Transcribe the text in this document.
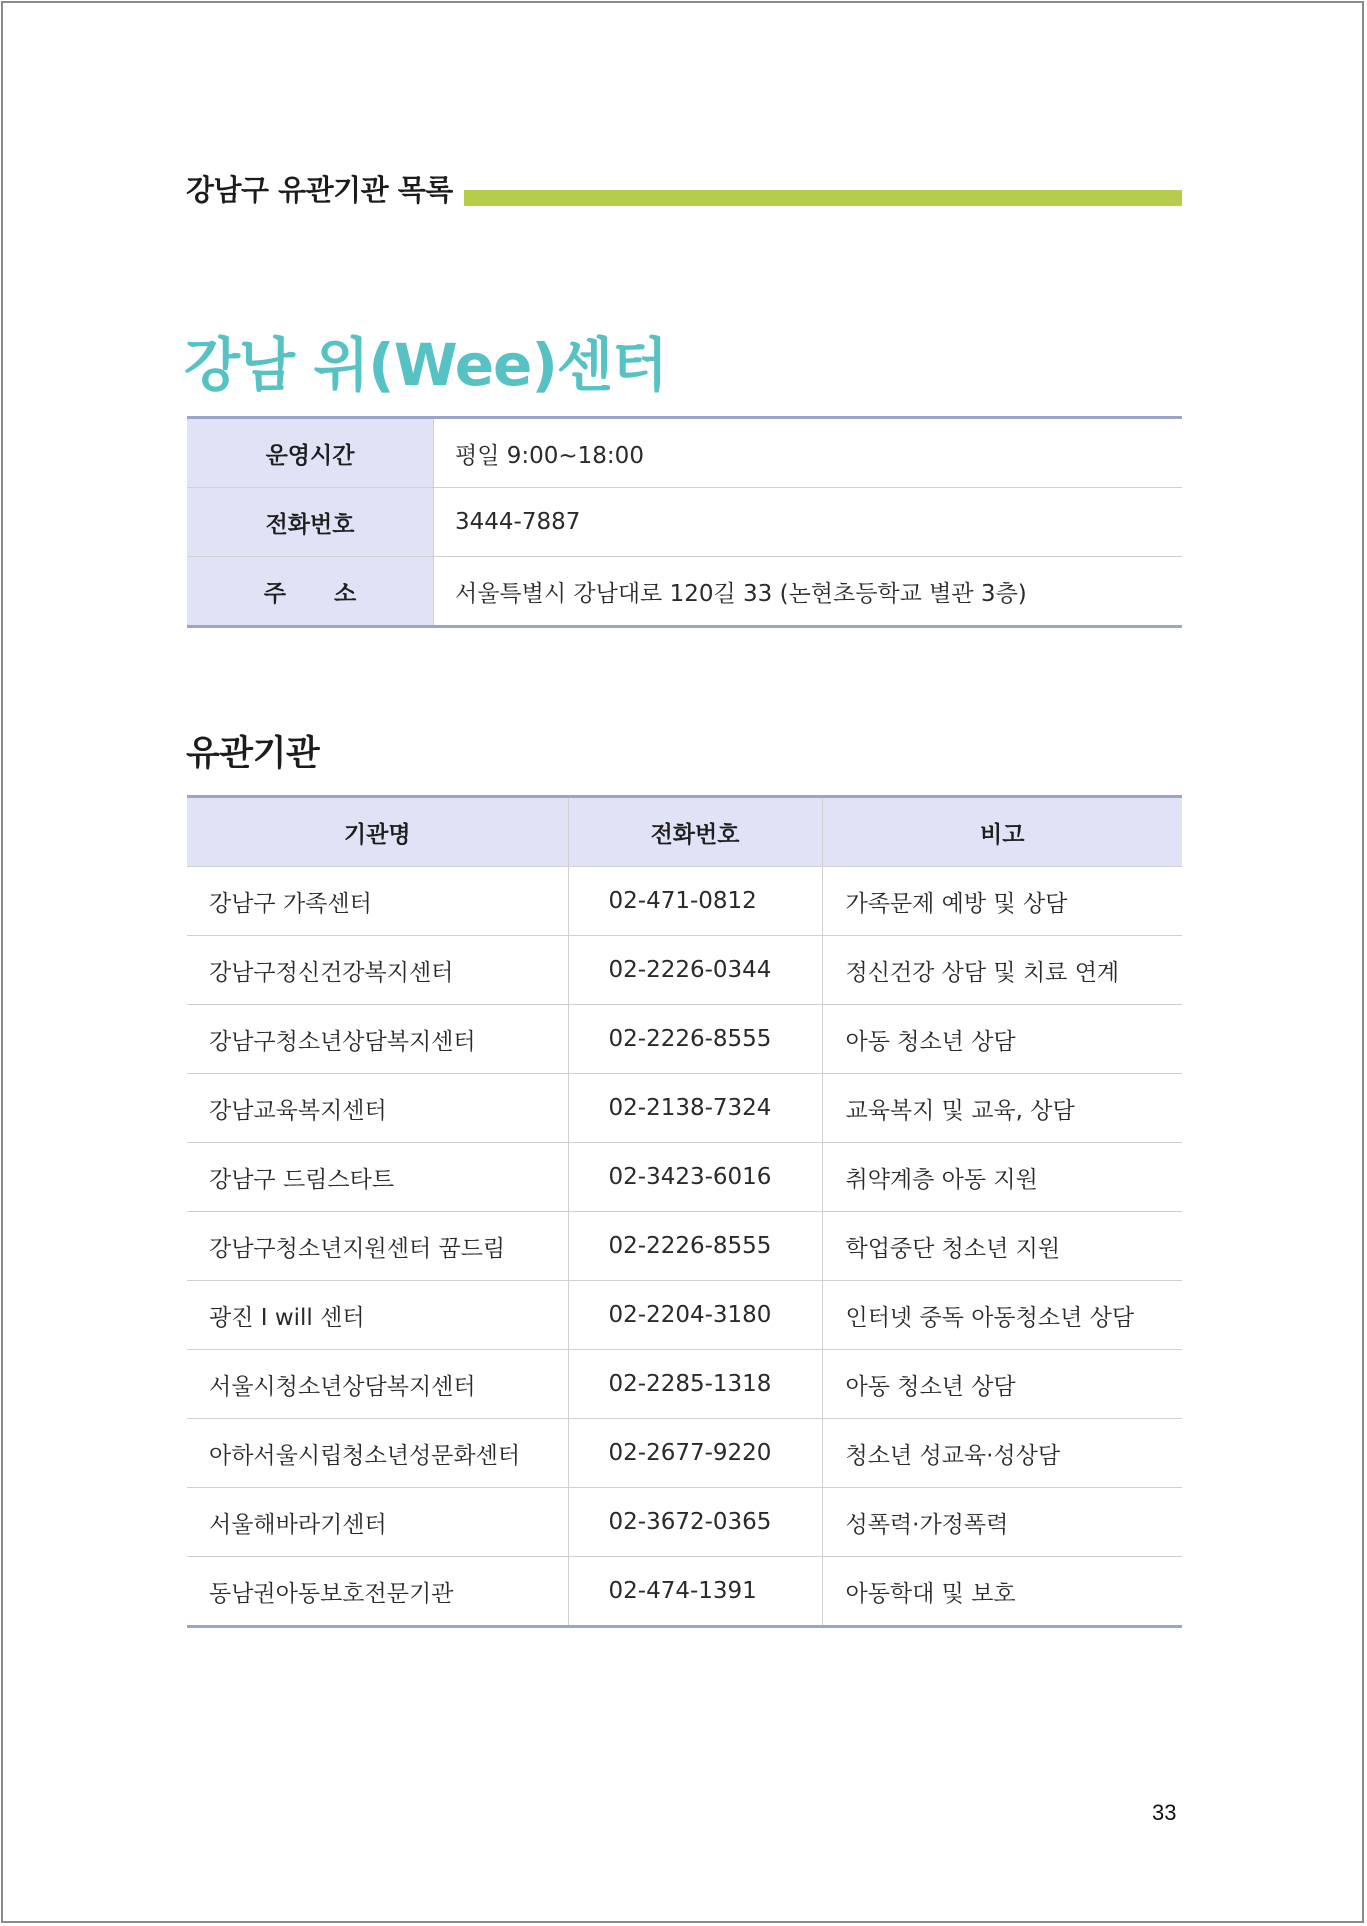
강남구 유관기관 목록
강남 위(Wee)센터
운영시간	평일 9:00~18:00
전화번호	3444-7887
주      소	서울특별시 강남대로 120길 33 (논현초등학교 별관 3층)
유관기관
기관명	전화번호	비고
강남구 가족센터	02-471-0812	가족문제 예방 및 상담
강남구정신건강복지센터	02-2226-0344	정신건강 상담 및 치료 연계
강남구청소년상담복지센터	02-2226-8555	아동 청소년 상담
강남교육복지센터	02-2138-7324	교육복지 및 교육, 상담
강남구 드림스타트	02-3423-6016	취약계층 아동 지원
강남구청소년지원센터 꿈드림	02-2226-8555	학업중단 청소년 지원
광진 I will 센터	02-2204-3180	인터넷 중독 아동청소년 상담
서울시청소년상담복지센터	02-2285-1318	아동 청소년 상담
아하서울시립청소년성문화센터	02-2677-9220	청소년 성교육·성상담
서울해바라기센터	02-3672-0365	성폭력·가정폭력
동남권아동보호전문기관	02-474-1391	아동학대 및 보호
33
